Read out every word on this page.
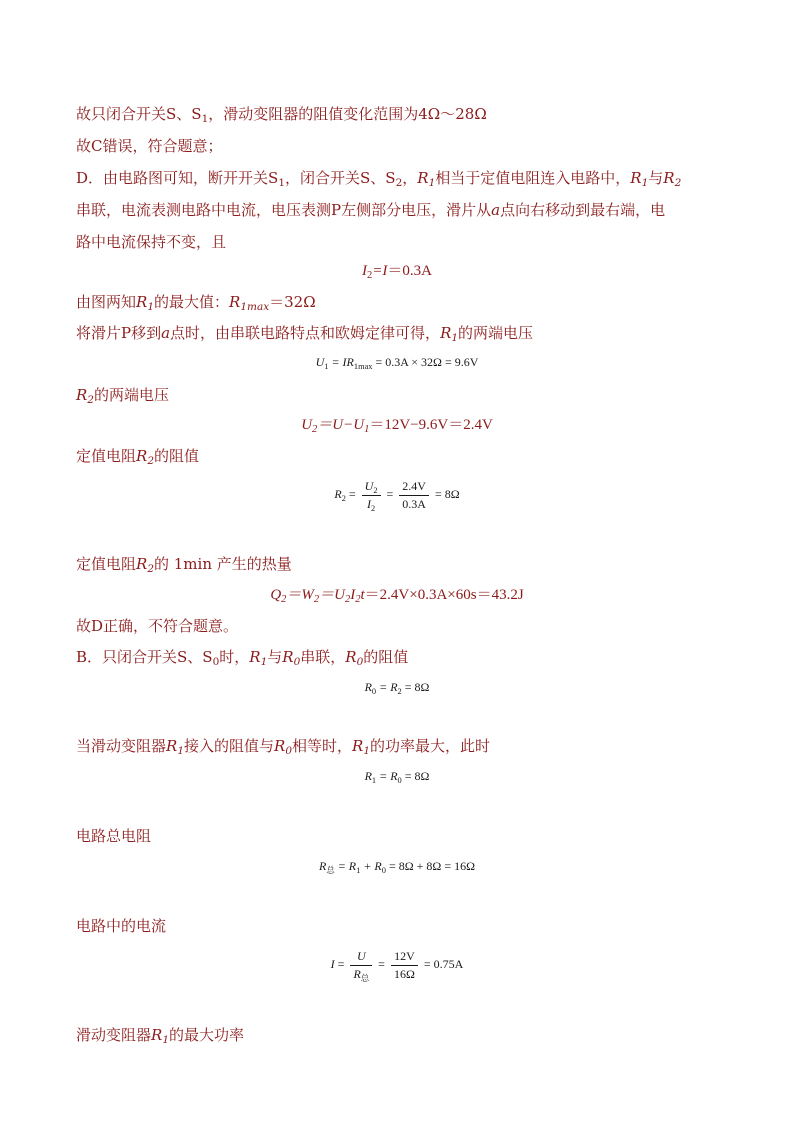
故只闭合开关S、$S_1$，滑动变阻器的阻值变化范围为4Ω～28Ω
故C错误，符合题意；
D．由电路图可知，断开开关$S_1$，闭合开关S、$S_2$，$R_1$相当于定值电阻连入电路中，$R_1$与$R_2$
串联，电流表测电路中电流，电压表测P左侧部分电压，滑片从a点向右移动到最右端，电
路中电流保持不变，且
$I_2=I=0.3A$
由图两知$R_1$的最大值：$R_{1max}=32\Omega$
将滑片P移到a点时，由串联电路特点和欧姆定律可得，$R_1$的两端电压
$U_1 = IR_{1max} = 0.3A \times 32\Omega = 9.6V$
$R_2$的两端电压
$U_2=U-U_1=12V-9.6V=2.4V$
定值电阻$R_2$的阻值
$R_2 = \frac{U_2}{I_2} = \frac{2.4V}{0.3A} = 8\Omega$
定值电阻$R_2$的 1min 产生的热量
$Q_2=W_2=U_2I_2t=2.4V\times 0.3A\times 60s=43.2J$
故D正确，不符合题意。
B．只闭合开关S、$S_0$时，$R_1$与$R_0$串联，$R_0$的阻值
$R_0 = R_2 = 8\Omega$
当滑动变阻器$R_1$接入的阻值与$R_0$相等时，$R_1$的功率最大，此时
$R_1 = R_0 = 8\Omega$
电路总电阻
$R_总 = R_1 + R_0 = 8\Omega + 8\Omega = 16\Omega$
电路中的电流
$I = \frac{U}{R_总} = \frac{12V}{16\Omega} = 0.75A$
滑动变阻器$R_1$的最大功率
